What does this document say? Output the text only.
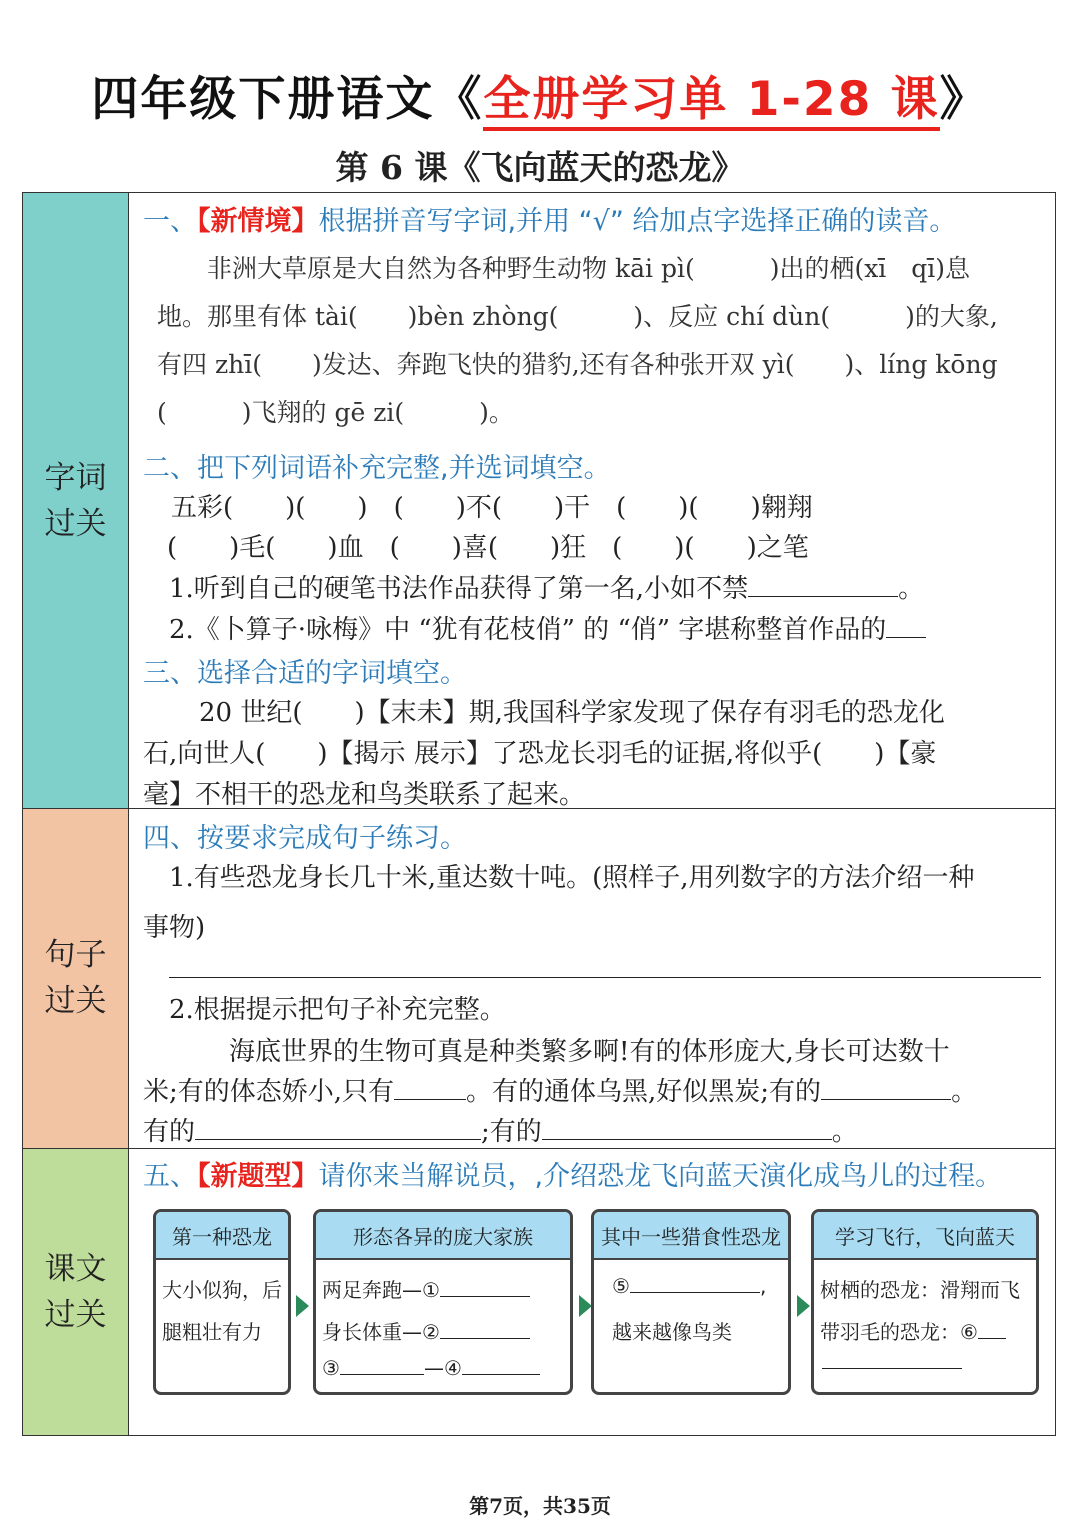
四年级下册语文《全册学习单 1-28 课》
第 6 课《飞向蓝天的恐龙》
字词过关
句子过关
课文过关
一、【新情境】根据拼音写字词,并用 “√” 给加点字选择正确的读音。
非洲大草原是大自然为各种野生动物 kāi pì(　　　)出的栖(xī　qī)息
地。那里有体 tài(　　)bèn zhòng(　　　)、反应 chí dùn(　　　)的大象,
有四 zhī(　　)发达、奔跑飞快的猎豹,还有各种张开双 yì(　　)、líng kōng
(　　　)飞翔的 gē zi(　　　)。
二、把下列词语补充完整,并选词填空。
五彩(　　)(　　)　(　　)不(　　)干　(　　)(　　)翱翔
(　　)毛(　　)血　(　　)喜(　　)狂　(　　)(　　)之笔
1.听到自己的硬笔书法作品获得了第一名,小如不禁	。
2.《卜算子·咏梅》中 “犹有花枝俏” 的 “俏” 字堪称整首作品的
三、选择合适的字词填空。
20 世纪(　　)【末未】期,我国科学家发现了保存有羽毛的恐龙化
石,向世人(　　)【揭示 展示】了恐龙长羽毛的证据,将似乎(　　)【豪
毫】不相干的恐龙和鸟类联系了起来。
四、按要求完成句子练习。
1.有些恐龙身长几十米,重达数十吨。(照样子,用列数字的方法介绍一种
事物)
2.根据提示把句子补充完整。
海底世界的生物可真是种类繁多啊!有的体形庞大,身长可达数十
米;有的体态娇小,只有	。有的通体乌黑,好似黑炭;有的	。
有的	;有的	。
五、【新题型】请你来当解说员，,介绍恐龙飞向蓝天演化成鸟儿的过程。
第一种恐龙
大小似狗，后
腿粗壮有力
形态各异的庞大家族
两足奔跑—①
身长体重—②
③	—④
其中一些猎食性恐龙
⑤	,
越来越像鸟类
学习飞行，飞向蓝天
树栖的恐龙：滑翔而飞
带羽毛的恐龙：⑥
第7页，共35页
